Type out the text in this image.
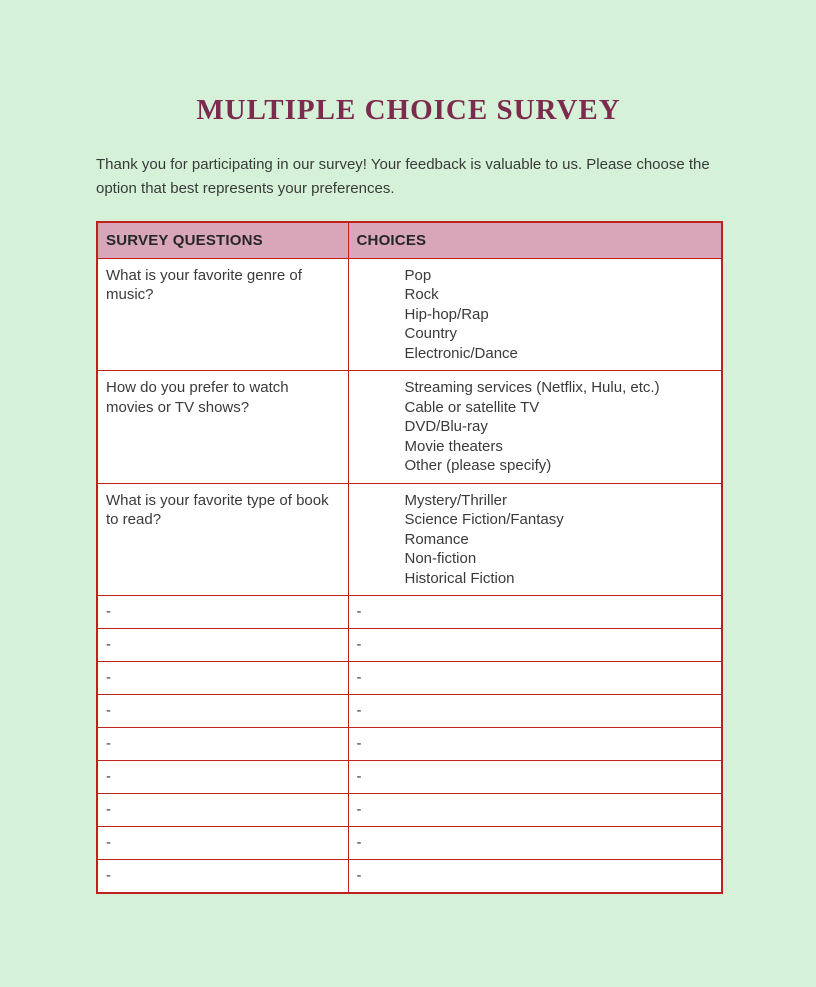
MULTIPLE CHOICE SURVEY

Thank you for participating in our survey! Your feedback is valuable to us. Please choose the option that best represents your preferences.

SURVEY QUESTIONS	CHOICES
What is your favorite genre of music?	Pop
Rock
Hip-hop/Rap
Country
Electronic/Dance

How do you prefer to watch movies or TV shows?	Streaming services (Netflix, Hulu, etc.)
Cable or satellite TV
DVD/Blu-ray
Movie theaters
Other (please specify)

What is your favorite type of book to read?	Mystery/Thriller
Science Fiction/Fantasy
Romance
Non-fiction
Historical Fiction

-	-
-	-
-	-
-	-
-	-
-	-
-	-
-	-
-	-
